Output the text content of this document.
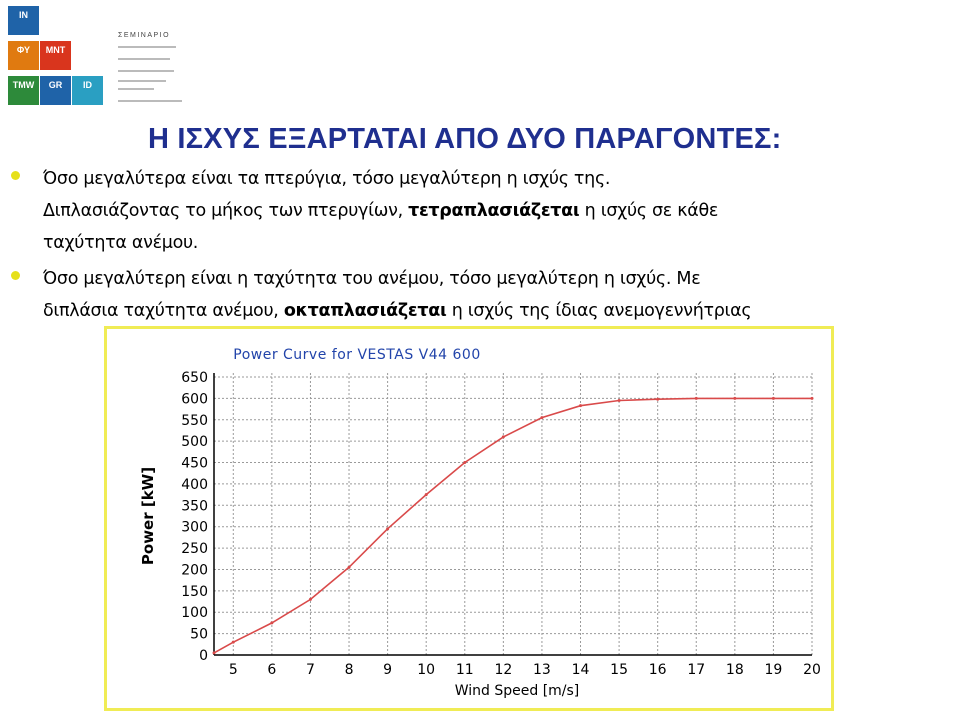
IN
ΦΥ	MNT
TMW	GR	ID
ΣΕΜΙΝΑΡΙΟ
Η ΙΣΧΥΣ ΕΞΑΡΤΑΤΑΙ ΑΠΟ ΔΥΟ ΠΑΡΑΓΟΝΤΕΣ:
Όσο μεγαλύτερα είναι τα πτερύγια, τόσο μεγαλύτερη η ισχύς της.
Διπλασιάζοντας το μήκος των πτερυγίων, τετραπλασιάζεται η ισχύς σε κάθε
ταχύτητα ανέμου.
Όσο μεγαλύτερη είναι η ταχύτητα του ανέμου, τόσο μεγαλύτερη η ισχύς. Με
διπλάσια ταχύτητα ανέμου, οκταπλασιάζεται η ισχύς της ίδιας ανεμογεννήτριας
0
50
100
150
200
250
300
350
400
450
500
550
600
650
5 6 7 8 9 10 11 12 13 14 15 16 17 18 19 20
Power Curve for VESTAS V44 600
Wind Speed [m/s]
Power [kW]
